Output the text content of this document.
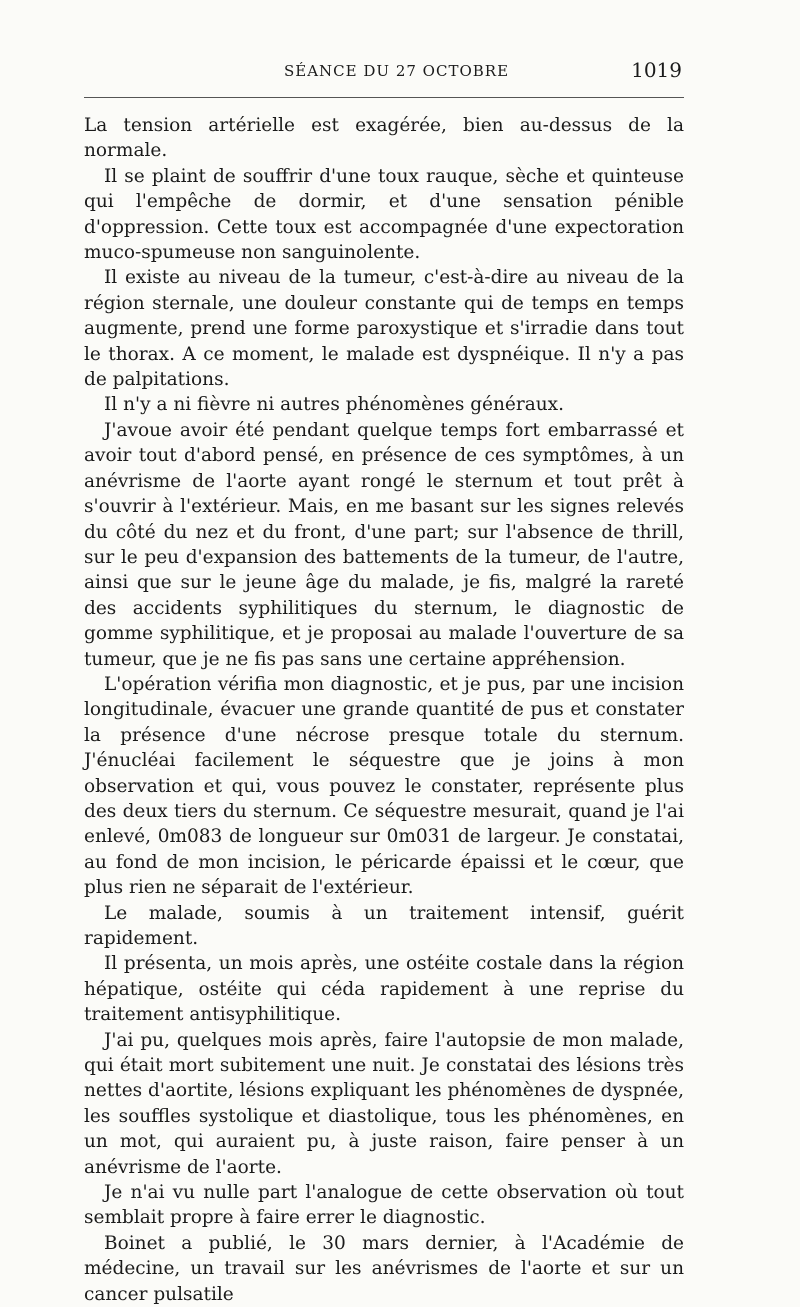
SÉANCE DU 27 OCTOBRE	1019

La tension artérielle est exagérée, bien au-dessus de la normale.

Il se plaint de souffrir d'une toux rauque, sèche et quinteuse qui l'empêche de dormir, et d'une sensation pénible d'oppression. Cette toux est accompagnée d'une expectoration muco-spumeuse non sanguinolente.

Il existe au niveau de la tumeur, c'est-à-dire au niveau de la région sternale, une douleur constante qui de temps en temps augmente, prend une forme paroxystique et s'irradie dans tout le thorax. A ce moment, le malade est dyspnéique. Il n'y a pas de palpitations.

Il n'y a ni fièvre ni autres phénomènes généraux.

J'avoue avoir été pendant quelque temps fort embarrassé et avoir tout d'abord pensé, en présence de ces symptômes, à un anévrisme de l'aorte ayant rongé le sternum et tout prêt à s'ouvrir à l'extérieur. Mais, en me basant sur les signes relevés du côté du nez et du front, d'une part; sur l'absence de thrill, sur le peu d'expansion des battements de la tumeur, de l'autre, ainsi que sur le jeune âge du malade, je fis, malgré la rareté des accidents syphilitiques du sternum, le diagnostic de gomme syphilitique, et je proposai au malade l'ouverture de sa tumeur, que je ne fis pas sans une certaine appréhension.

L'opération vérifia mon diagnostic, et je pus, par une incision longitudinale, évacuer une grande quantité de pus et constater la présence d'une nécrose presque totale du sternum. J'énucléai facilement le séquestre que je joins à mon observation et qui, vous pouvez le constater, représente plus des deux tiers du sternum. Ce séquestre mesurait, quand je l'ai enlevé, 0m083 de longueur sur 0m031 de largeur. Je constatai, au fond de mon incision, le péricarde épaissi et le cœur, que plus rien ne séparait de l'extérieur.

Le malade, soumis à un traitement intensif, guérit rapidement.

Il présenta, un mois après, une ostéite costale dans la région hépatique, ostéite qui céda rapidement à une reprise du traitement antisyphilitique.

J'ai pu, quelques mois après, faire l'autopsie de mon malade, qui était mort subitement une nuit. Je constatai des lésions très nettes d'aortite, lésions expliquant les phénomènes de dyspnée, les souffles systolique et diastolique, tous les phénomènes, en un mot, qui auraient pu, à juste raison, faire penser à un anévrisme de l'aorte.

Je n'ai vu nulle part l'analogue de cette observation où tout semblait propre à faire errer le diagnostic.

Boinet a publié, le 30 mars dernier, à l'Académie de médecine, un travail sur les anévrismes de l'aorte et sur un cancer pulsatile
